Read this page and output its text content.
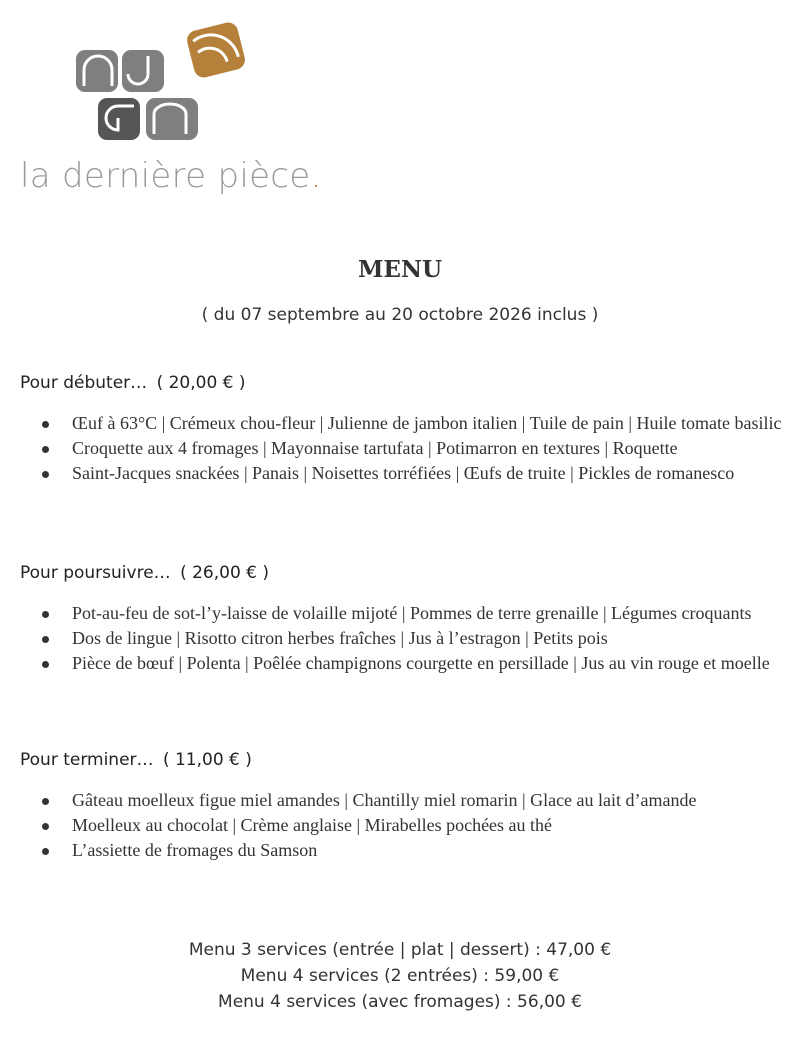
la dernière pièce.
MENU
( du 07 septembre au 20 octobre 2026 inclus )

Pour débuter… ( 20,00 € )

Œuf à 63°C | Crémeux chou-fleur | Julienne de jambon italien | Tuile de pain | Huile tomate basilic
Croquette aux 4 fromages | Mayonnaise tartufata | Potimarron en textures | Roquette
Saint-Jacques snackées | Panais | Noisettes torréfiées | Œufs de truite | Pickles de romanesco

Pour poursuivre… ( 26,00 € )

Pot-au-feu de sot-l’y-laisse de volaille mijoté | Pommes de terre grenaille | Légumes croquants
Dos de lingue | Risotto citron herbes fraîches | Jus à l’estragon | Petits pois
Pièce de bœuf | Polenta | Poêlée champignons courgette en persillade | Jus au vin rouge et moelle

Pour terminer… ( 11,00 € )

Gâteau moelleux figue miel amandes | Chantilly miel romarin | Glace au lait d’amande
Moelleux au chocolat | Crème anglaise | Mirabelles pochées au thé
L’assiette de fromages du Samson
Menu 3 services (entrée | plat | dessert) : 47,00 €
Menu 4 services (2 entrées) : 59,00 €
Menu 4 services (avec fromages) : 56,00 €
